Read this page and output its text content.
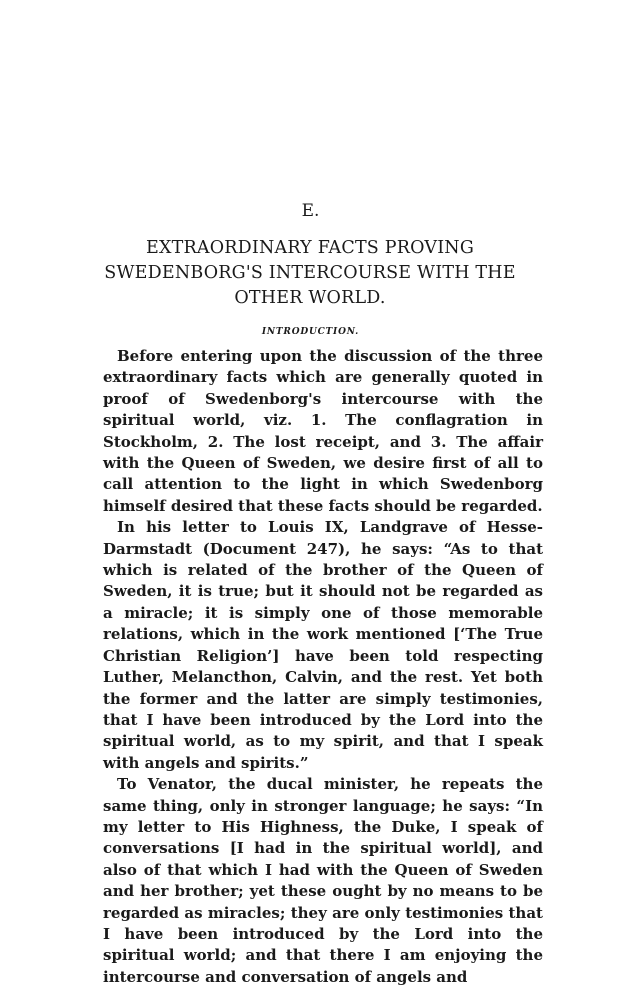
E.
EXTRAORDINARY FACTS PROVING
SWEDENBORG'S INTERCOURSE WITH THE
OTHER WORLD.
INTRODUCTION.

Before entering upon the discussion of the three extraordinary facts which are generally quoted in proof of Swedenborg's intercourse with the spiritual world, viz. 1. The conflagration in Stockholm, 2. The lost receipt, and 3. The affair with the Queen of Sweden, we desire first of all to call attention to the light in which Swedenborg himself desired that these facts should be regarded.

In his letter to Louis IX, Landgrave of Hesse-Darmstadt (Document 247), he says: “As to that which is related of the brother of the Queen of Sweden, it is true; but it should not be regarded as a miracle; it is simply one of those memorable relations, which in the work mentioned [‘The True Christian Religion’] have been told respecting Luther, Melancthon, Calvin, and the rest. Yet both the former and the latter are simply testimonies, that I have been introduced by the Lord into the spiritual world, as to my spirit, and that I speak with angels and spirits.”

To Venator, the ducal minister, he repeats the same thing, only in stronger language; he says: “In my letter to His Highness, the Duke, I speak of conversations [I had in the spiritual world], and also of that which I had with the Queen of Sweden and her brother; yet these ought by no means to be regarded as miracles; they are only testimonies that I have been introduced by the Lord into the spiritual world; and that there I am enjoying the intercourse and conversation of angels and
